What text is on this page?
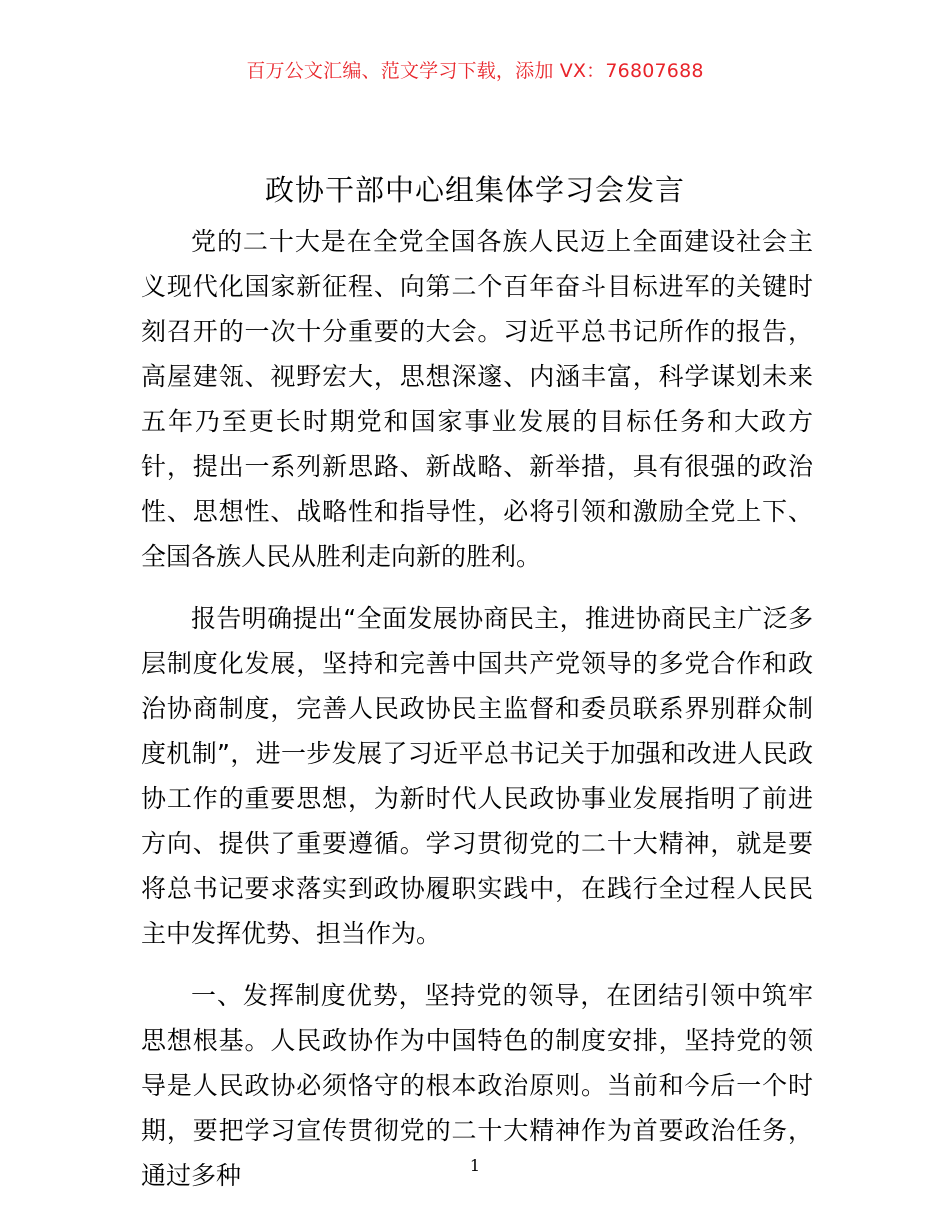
百万公文汇编、范文学习下载，添加 VX：76807688
政协干部中心组集体学习会发言

党的二十大是在全党全国各族人民迈上全面建设社会主义现代化国家新征程、向第二个百年奋斗目标进军的关键时刻召开的一次十分重要的大会。习近平总书记所作的报告，高屋建瓴、视野宏大，思想深邃、内涵丰富，科学谋划未来五年乃至更长时期党和国家事业发展的目标任务和大政方针，提出一系列新思路、新战略、新举措，具有很强的政治性、思想性、战略性和指导性，必将引领和激励全党上下、全国各族人民从胜利走向新的胜利。

报告明确提出“全面发展协商民主，推进协商民主广泛多层制度化发展，坚持和完善中国共产党领导的多党合作和政治协商制度，完善人民政协民主监督和委员联系界别群众制度机制”，进一步发展了习近平总书记关于加强和改进人民政协工作的重要思想，为新时代人民政协事业发展指明了前进方向、提供了重要遵循。学习贯彻党的二十大精神，就是要将总书记要求落实到政协履职实践中，在践行全过程人民民主中发挥优势、担当作为。

一、发挥制度优势，坚持党的领导，在团结引领中筑牢思想根基。人民政协作为中国特色的制度安排，坚持党的领导是人民政协必须恪守的根本政治原则。当前和今后一个时期，要把学习宣传贯彻党的二十大精神作为首要政治任务，通过多种	1
